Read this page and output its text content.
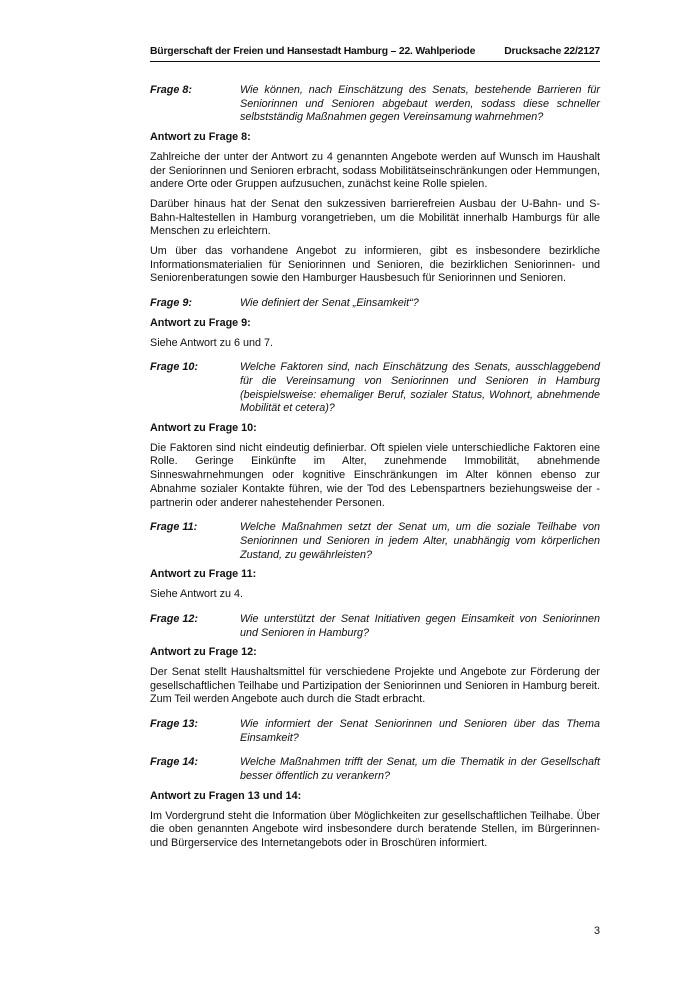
Bürgerschaft der Freien und Hansestadt Hamburg – 22. Wahlperiode	Drucksache 22/2127
Frage 8:	Wie können, nach Einschätzung des Senats, bestehende Barrieren für Seniorinnen und Senioren abgebaut werden, sodass diese schneller selbstständig Maßnahmen gegen Vereinsamung wahrnehmen?

Antwort zu Frage 8:

Zahlreiche der unter der Antwort zu 4 genannten Angebote werden auf Wunsch im Haushalt der Seniorinnen und Senioren erbracht, sodass Mobilitätseinschränkungen oder Hemmungen, andere Orte oder Gruppen aufzusuchen, zunächst keine Rolle spielen.

Darüber hinaus hat der Senat den sukzessiven barrierefreien Ausbau der U-Bahn- und S-Bahn-Haltestellen in Hamburg vorangetrieben, um die Mobilität innerhalb Hamburgs für alle Menschen zu erleichtern.

Um über das vorhandene Angebot zu informieren, gibt es insbesondere bezirkliche Informationsmaterialien für Seniorinnen und Senioren, die bezirklichen Seniorinnen- und Seniorenberatungen sowie den Hamburger Hausbesuch für Seniorinnen und Senioren.

Frage 9:	Wie definiert der Senat „Einsamkeit“?

Antwort zu Frage 9:

Siehe Antwort zu 6 und 7.

Frage 10:	Welche Faktoren sind, nach Einschätzung des Senats, ausschlaggebend für die Vereinsamung von Seniorinnen und Senioren in Hamburg (beispielsweise: ehemaliger Beruf, sozialer Status, Wohnort, abnehmende Mobilität et cetera)?

Antwort zu Frage 10:

Die Faktoren sind nicht eindeutig definierbar. Oft spielen viele unterschiedliche Faktoren eine Rolle. Geringe Einkünfte im Alter, zunehmende Immobilität, abnehmende Sinneswahrnehmungen oder kognitive Einschränkungen im Alter können ebenso zur Abnahme sozialer Kontakte führen, wie der Tod des Lebenspartners beziehungsweise der -partnerin oder anderer nahestehender Personen.

Frage 11:	Welche Maßnahmen setzt der Senat um, um die soziale Teilhabe von Seniorinnen und Senioren in jedem Alter, unabhängig vom körperlichen Zustand, zu gewährleisten?

Antwort zu Frage 11:

Siehe Antwort zu 4.

Frage 12:	Wie unterstützt der Senat Initiativen gegen Einsamkeit von Seniorinnen und Senioren in Hamburg?

Antwort zu Frage 12:

Der Senat stellt Haushaltsmittel für verschiedene Projekte und Angebote zur Förderung der gesellschaftlichen Teilhabe und Partizipation der Seniorinnen und Senioren in Hamburg bereit. Zum Teil werden Angebote auch durch die Stadt erbracht.

Frage 13:	Wie informiert der Senat Seniorinnen und Senioren über das Thema Einsamkeit?
Frage 14:	Welche Maßnahmen trifft der Senat, um die Thematik in der Gesellschaft besser öffentlich zu verankern?

Antwort zu Fragen 13 und 14:

Im Vordergrund steht die Information über Möglichkeiten zur gesellschaftlichen Teilhabe. Über die oben genannten Angebote wird insbesondere durch beratende Stellen, im Bürgerinnen- und Bürgerservice des Internetangebots oder in Broschüren informiert.

3
